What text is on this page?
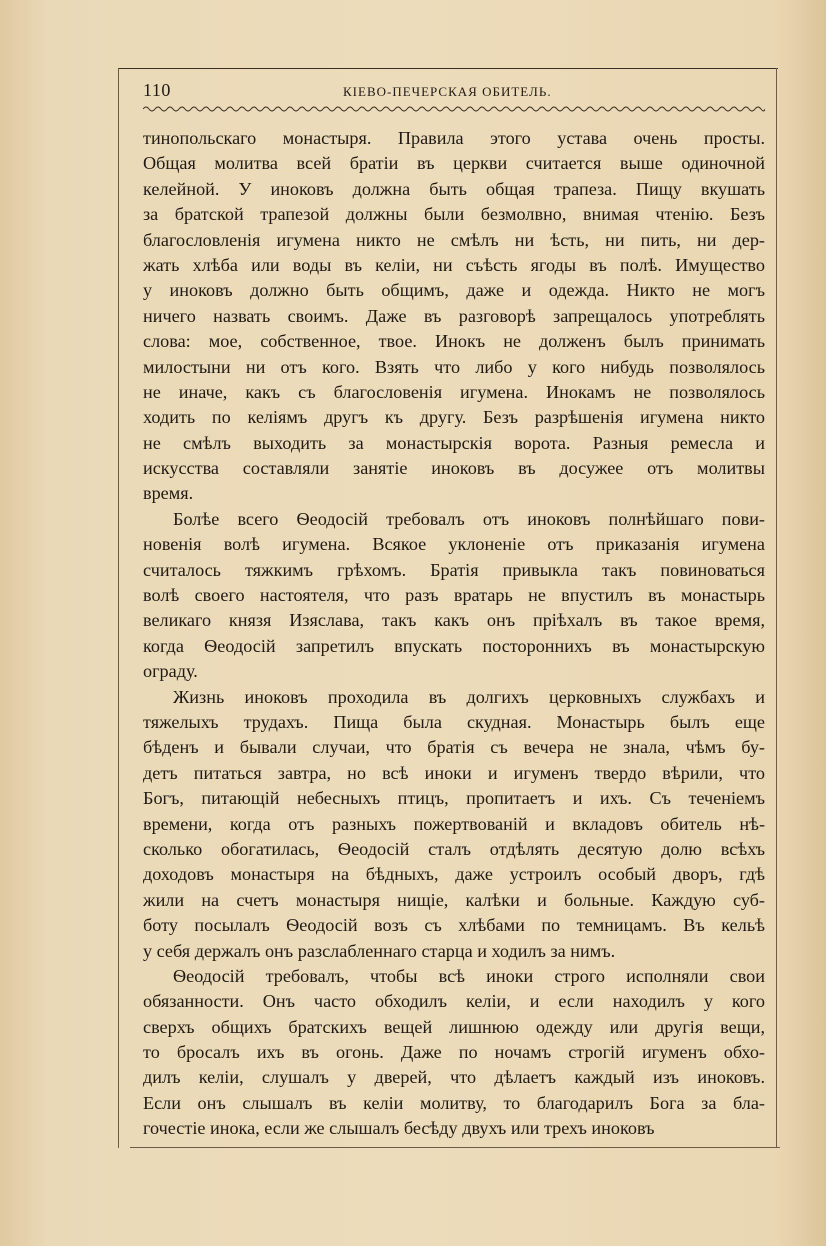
110	КІЕВО-ПЕЧЕРСКАЯ ОБИТЕЛЬ.
тинопольскаго монастыря. Правила этого устава очень просты.
Общая молитва всей братіи въ церкви считается выше одиночной
келейной. У иноковъ должна быть общая трапеза. Пищу вкушать
за братской трапезой должны были безмолвно, внимая чтенію. Безъ
благословленія игумена никто не смѣлъ ни ѣсть, ни пить, ни дер-
жать хлѣба или воды въ келіи, ни съѣсть ягоды въ полѣ. Имущество
у иноковъ должно быть общимъ, даже и одежда. Никто не могъ
ничего назвать своимъ. Даже въ разговорѣ запрещалось употреблять
слова: мое, собственное, твое. Инокъ не долженъ былъ принимать
милостыни ни отъ кого. Взять что либо у кого нибудь позволялось
не иначе, какъ съ благословенія игумена. Инокамъ не позволялось
ходить по келіямъ другъ къ другу. Безъ разрѣшенія игумена никто
не смѣлъ выходить за монастырскія ворота. Разныя ремесла и
искусства составляли занятіе иноковъ въ досужее отъ молитвы
время.
Болѣе всего Ѳеодосій требовалъ отъ иноковъ полнѣйшаго пови-
новенія волѣ игумена. Всякое уклоненіе отъ приказанія игумена
считалось тяжкимъ грѣхомъ. Братія привыкла такъ повиноваться
волѣ своего настоятеля, что разъ вратарь не впустилъ въ монастырь
великаго князя Изяслава, такъ какъ онъ пріѣхалъ въ такое время,
когда Ѳеодосій запретилъ впускать постороннихъ въ монастырскую
ограду.
Жизнь иноковъ проходила въ долгихъ церковныхъ службахъ и
тяжелыхъ трудахъ. Пища была скудная. Монастырь былъ еще
бѣденъ и бывали случаи, что братія съ вечера не знала, чѣмъ бу-
детъ питаться завтра, но всѣ иноки и игуменъ твердо вѣрили, что
Богъ, питающій небесныхъ птицъ, пропитаетъ и ихъ. Съ теченіемъ
времени, когда отъ разныхъ пожертвованій и вкладовъ обитель нѣ-
сколько обогатилась, Ѳеодосій сталъ отдѣлять десятую долю всѣхъ
доходовъ монастыря на бѣдныхъ, даже устроилъ особый дворъ, гдѣ
жили на счетъ монастыря нищіе, калѣки и больные. Каждую суб-
боту посылалъ Ѳеодосій возъ съ хлѣбами по темницамъ. Въ кельѣ
у себя держалъ онъ разслабленнаго старца и ходилъ за нимъ.
Ѳеодосій требовалъ, чтобы всѣ иноки строго исполняли свои
обязанности. Онъ часто обходилъ келіи, и если находилъ у кого
сверхъ общихъ братскихъ вещей лишнюю одежду или другія вещи,
то бросалъ ихъ въ огонь. Даже по ночамъ строгій игуменъ обхо-
дилъ келіи, слушалъ у дверей, что дѣлаетъ каждый изъ иноковъ.
Если онъ слышалъ въ келіи молитву, то благодарилъ Бога за бла-
гочестіе инока, если же слышалъ бесѣду двухъ или трехъ иноковъ
